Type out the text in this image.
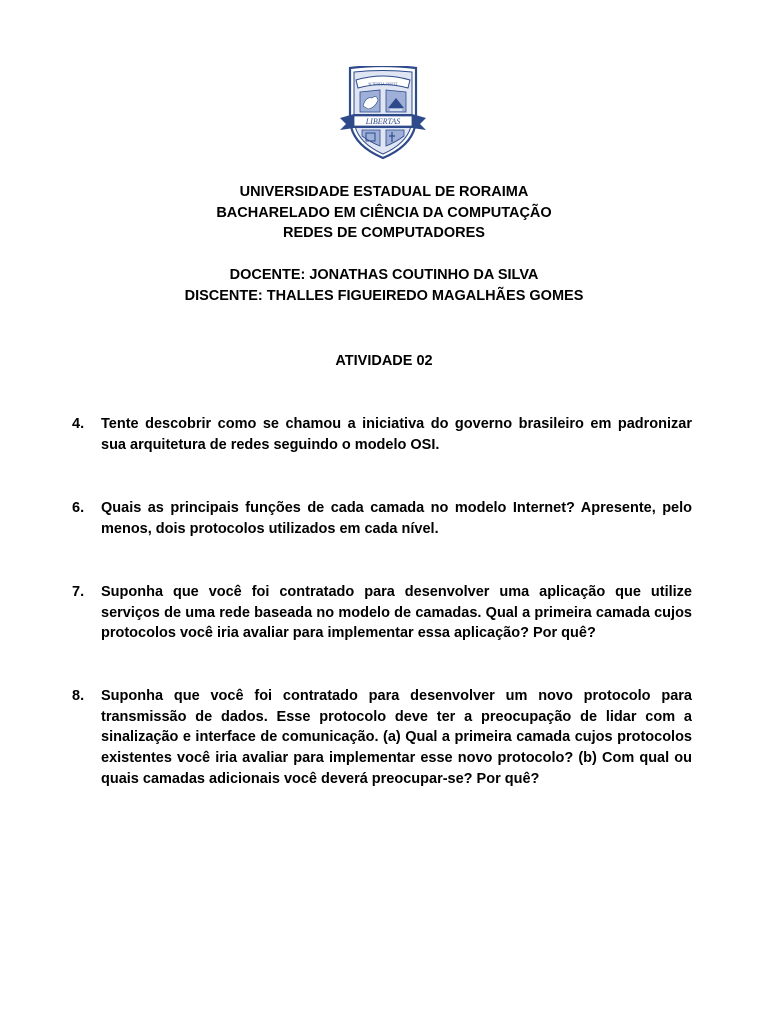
SCIENTIA VINCIT
LIBERTAS
UNIVERSIDADE ESTADUAL DE RORAIMA
BACHARELADO EM CIÊNCIA DA COMPUTAÇÃO
REDES DE COMPUTADORES
DOCENTE: JONATHAS COUTINHO DA SILVA
DISCENTE: THALLES FIGUEIREDO MAGALHÃES GOMES
ATIVIDADE 02
4.	Tente descobrir como se chamou a iniciativa do governo brasileiro em padronizar sua arquitetura de redes seguindo o modelo OSI.
6.	Quais as principais funções de cada camada no modelo Internet? Apresente, pelo menos, dois protocolos utilizados em cada nível.
7.	Suponha que você foi contratado para desenvolver uma aplicação que utilize serviços de uma rede baseada no modelo de camadas. Qual a primeira camada cujos protocolos você iria avaliar para implementar essa aplicação? Por quê?
8.	Suponha que você foi contratado para desenvolver um novo protocolo para transmissão de dados. Esse protocolo deve ter a preocupação de lidar com a sinalização e interface de comunicação. (a) Qual a primeira camada cujos protocolos existentes você iria avaliar para implementar esse novo protocolo? (b) Com qual ou quais camadas adicionais você deverá preocupar-se? Por quê?
